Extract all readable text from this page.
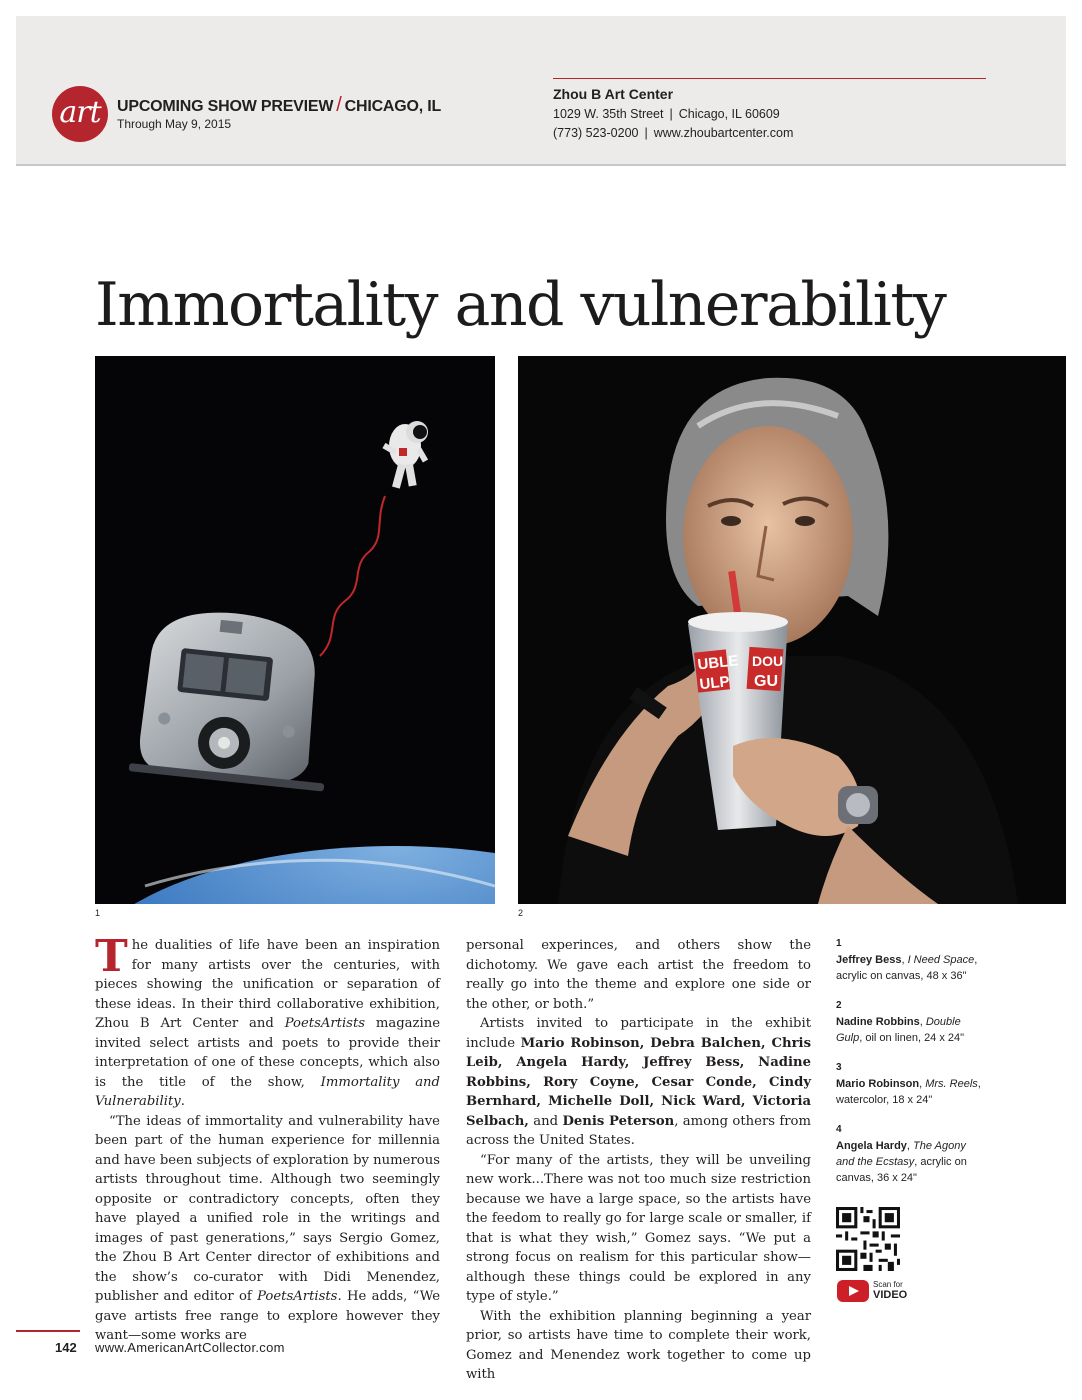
art	UPCOMING SHOW PREVIEW / CHICAGO, IL
Through May 9, 2015
Zhou B Art Center
1029 W. 35th Street | Chicago, IL 60609
(773) 523-0200 | www.zhoubartcenter.com
Immortality and vulnerability
1
UBLE
ULP
DOU
GU
2

The dualities of life have been an inspiration for many artists over the centuries, with pieces showing the unification or separation of these ideas. In their third collaborative exhibition, Zhou B Art Center and PoetsArtists magazine invited select artists and poets to provide their interpretation of one of these concepts, which also is the title of the show, Immortality and Vulnerability.

“The ideas of immortality and vulnerability have been part of the human experience for millennia and have been subjects of exploration by numerous artists throughout time. Although two seemingly opposite or contradictory concepts, often they have played a unified role in the writings and images of past generations,” says Sergio Gomez, the Zhou B Art Center director of exhibitions and the show’s co-curator with Didi Menendez, publisher and editor of PoetsArtists. He adds, “We gave artists free range to explore however they want—some works are

personal experinces, and others show the dichotomy. We gave each artist the freedom to really go into the theme and explore one side or the other, or both.”

Artists invited to participate in the exhibit include Mario Robinson, Debra Balchen, Chris Leib, Angela Hardy, Jeffrey Bess, Nadine Robbins, Rory Coyne, Cesar Conde, Cindy Bernhard, Michelle Doll, Nick Ward, Victoria Selbach, and Denis Peterson, among others from across the United States.

“For many of the artists, they will be unveiling new work...There was not too much size restriction because we have a large space, so the artists have the feedom to really go for large scale or smaller, if that is what they wish,” Gomez says. “We put a strong focus on realism for this particular show—although these things could be explored in any type of style.”

With the exhibition planning beginning a year prior, so artists have time to complete their work, Gomez and Menendez work together to come up with

1
Jeffrey Bess, I Need Space, acrylic on canvas, 48 x 36"
2
Nadine Robbins, Double Gulp, oil on linen, 24 x 24"
3
Mario Robinson, Mrs. Reels, watercolor, 18 x 24"
4
Angela Hardy, The Agony and the Ecstasy, acrylic on canvas, 36 x 24"
Scan for
VIDEO
142 www.AmericanArtCollector.com
